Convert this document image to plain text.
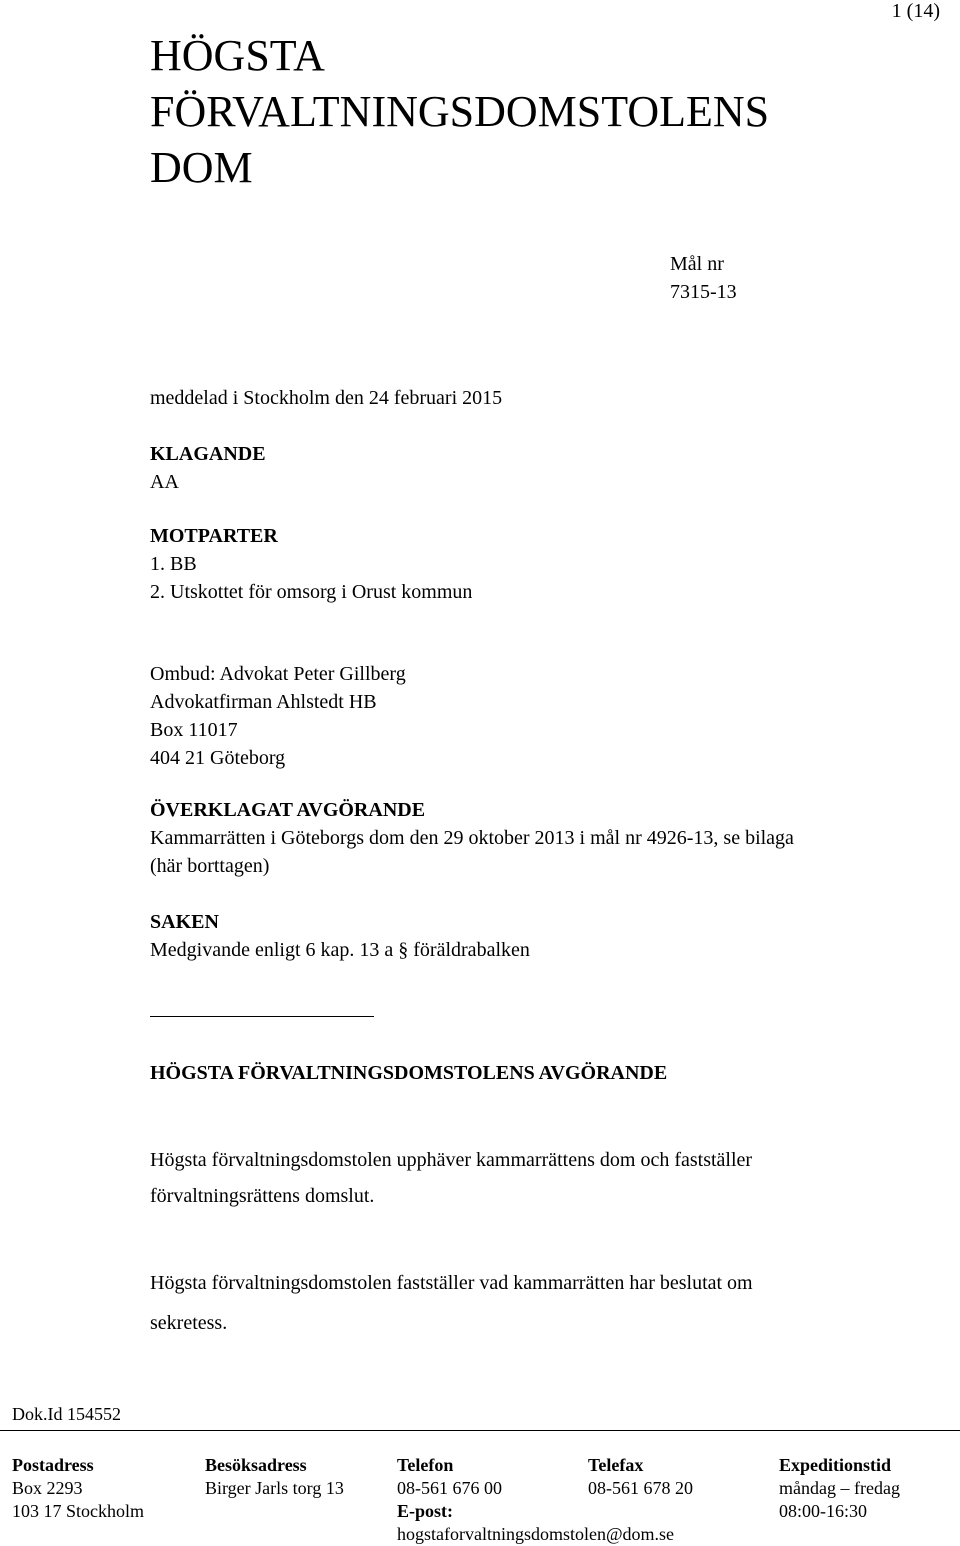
1 (14)
HÖGSTA
FÖRVALTNINGSDOMSTOLENS
DOM
Mål nr
7315-13
meddelad i Stockholm den 24 februari 2015
KLAGANDE
AA
MOTPARTER
1. BB
2. Utskottet för omsorg i Orust kommun
Ombud: Advokat Peter Gillberg
Advokatfirman Ahlstedt HB
Box 11017
404 21 Göteborg
ÖVERKLAGAT AVGÖRANDE
Kammarrätten i Göteborgs dom den 29 oktober 2013 i mål nr 4926-13, se bilaga
(här borttagen)
SAKEN
Medgivande enligt 6 kap. 13 a § föräldrabalken
HÖGSTA FÖRVALTNINGSDOMSTOLENS AVGÖRANDE
Högsta förvaltningsdomstolen upphäver kammarrättens dom och fastställer
förvaltningsrättens domslut.
Högsta förvaltningsdomstolen fastställer vad kammarrätten har beslutat om
sekretess.
Dok.Id 154552
Postadress
Box 2293
103 17 Stockholm
Besöksadress
Birger Jarls torg 13
Telefon
08-561 676 00
E-post:
hogstaforvaltningsdomstolen@dom.se
Telefax
08-561 678 20
Expeditionstid
måndag – fredag
08:00-16:30
